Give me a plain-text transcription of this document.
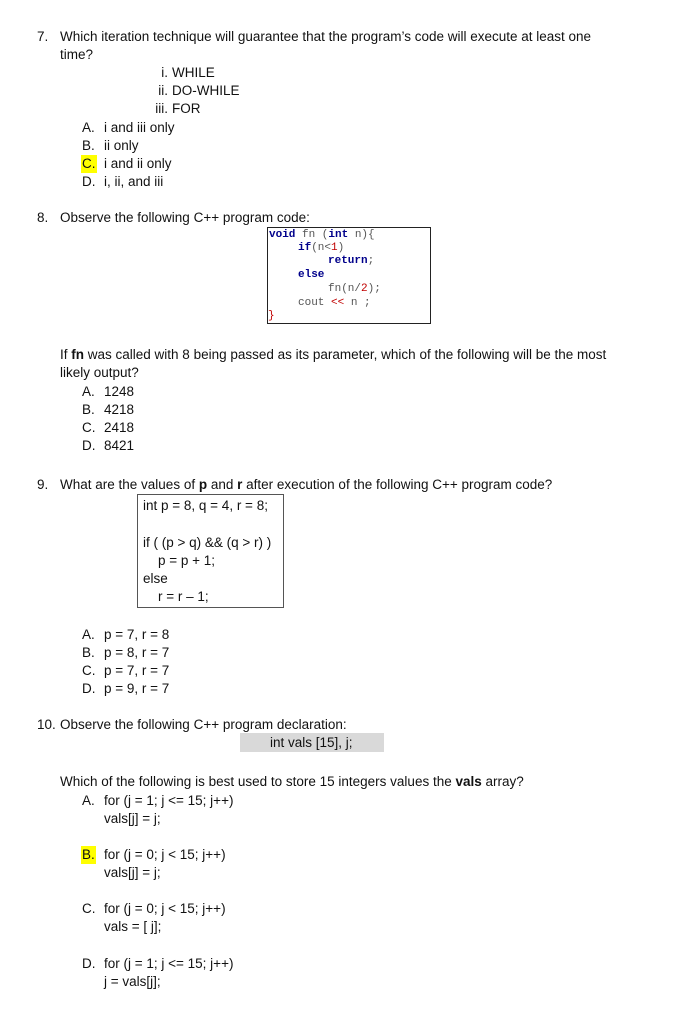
7. Which iteration technique will guarantee that the program’s code will execute at least one
time?
i. WHILE
ii. DO-WHILE
iii. FOR
A. i and iii only
B. ii only
C. i and ii only
D. i, ii, and iii
8. Observe the following C++ program code:
void fn (int n){
if(n<1)
return;
else
fn(n/2);
cout << n ;
}
If fn was called with 8 being passed as its parameter, which of the following will be the most
likely output?
A. 1248
B. 4218
C. 2418
D. 8421
9. What are the values of p and r after execution of the following C++ program code?
int p = 8, q = 4, r = 8;
if ( (p > q) && (q > r) )
p = p + 1;
else
r = r – 1;
A. p = 7, r = 8
B. p = 8, r = 7
C. p = 7, r = 7
D. p = 9, r = 7
10. Observe the following C++ program declaration:
int vals [15], j;
Which of the following is best used to store 15 integers values the vals array?
A. for (j = 1; j <= 15; j++)
vals[j] = j;
B. for (j = 0; j < 15; j++)
vals[j] = j;
C. for (j = 0; j < 15; j++)
vals = [ j];
D. for (j = 1; j <= 15; j++)
j = vals[j];
